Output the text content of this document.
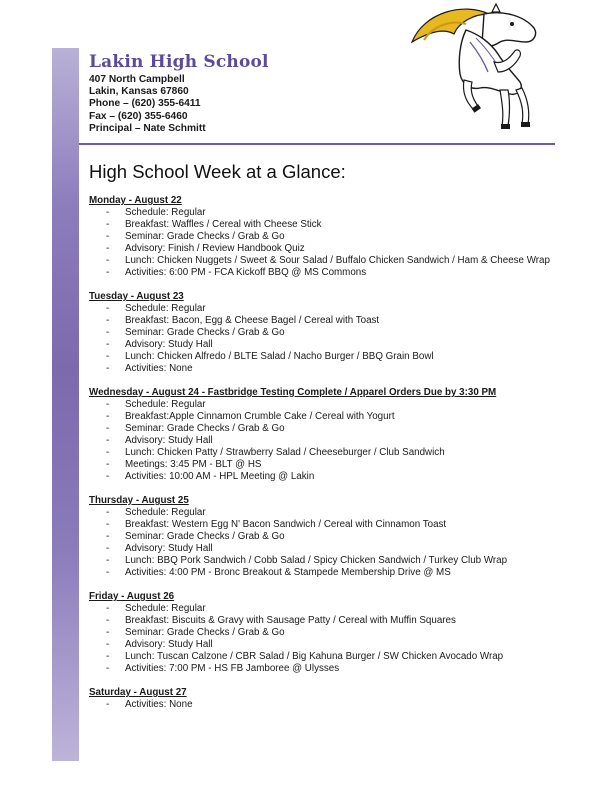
Lakin High School
407 North Campbell
Lakin, Kansas 67860
Phone – (620) 355-6411
Fax – (620) 355-6460
Principal – Nate Schmitt
High School Week at a Glance:
Monday - August 22
- Schedule: Regular
- Breakfast: Waffles / Cereal with Cheese Stick
- Seminar: Grade Checks / Grab & Go
- Advisory: Finish / Review Handbook Quiz
-	Lunch: Chicken Nuggets / Sweet & Sour Salad / Buffalo Chicken Sandwich / Ham & Cheese Wrap
- Activities: 6:00 PM - FCA Kickoff BBQ @ MS Commons
Tuesday - August 23
- Schedule: Regular
- Breakfast: Bacon, Egg & Cheese Bagel / Cereal with Toast
- Seminar: Grade Checks / Grab & Go
- Advisory: Study Hall
- Lunch: Chicken Alfredo / BLTE Salad / Nacho Burger / BBQ Grain Bowl
- Activities: None
Wednesday - August 24 - Fastbridge Testing Complete / Apparel Orders Due by 3:30 PM
- Schedule: Regular
- Breakfast:Apple Cinnamon Crumble Cake / Cereal with Yogurt
- Seminar: Grade Checks / Grab & Go
- Advisory: Study Hall
- Lunch: Chicken Patty / Strawberry Salad / Cheeseburger / Club Sandwich
- Meetings: 3:45 PM - BLT @ HS
- Activities: 10:00 AM - HPL Meeting @ Lakin
Thursday - August 25
- Schedule: Regular
- Breakfast: Western Egg N' Bacon Sandwich / Cereal with Cinnamon Toast
- Seminar: Grade Checks / Grab & Go
- Advisory: Study Hall
- Lunch: BBQ Pork Sandwich / Cobb Salad / Spicy Chicken Sandwich / Turkey Club Wrap
- Activities: 4:00 PM - Bronc Breakout & Stampede Membership Drive @ MS
Friday - August 26
- Schedule: Regular
- Breakfast: Biscuits & Gravy with Sausage Patty / Cereal with Muffin Squares
- Seminar: Grade Checks / Grab & Go
- Advisory: Study Hall
- Lunch: Tuscan Calzone / CBR Salad / Big Kahuna Burger / SW Chicken Avocado Wrap
- Activities: 7:00 PM - HS FB Jamboree @ Ulysses
Saturday - August 27
- Activities: None
